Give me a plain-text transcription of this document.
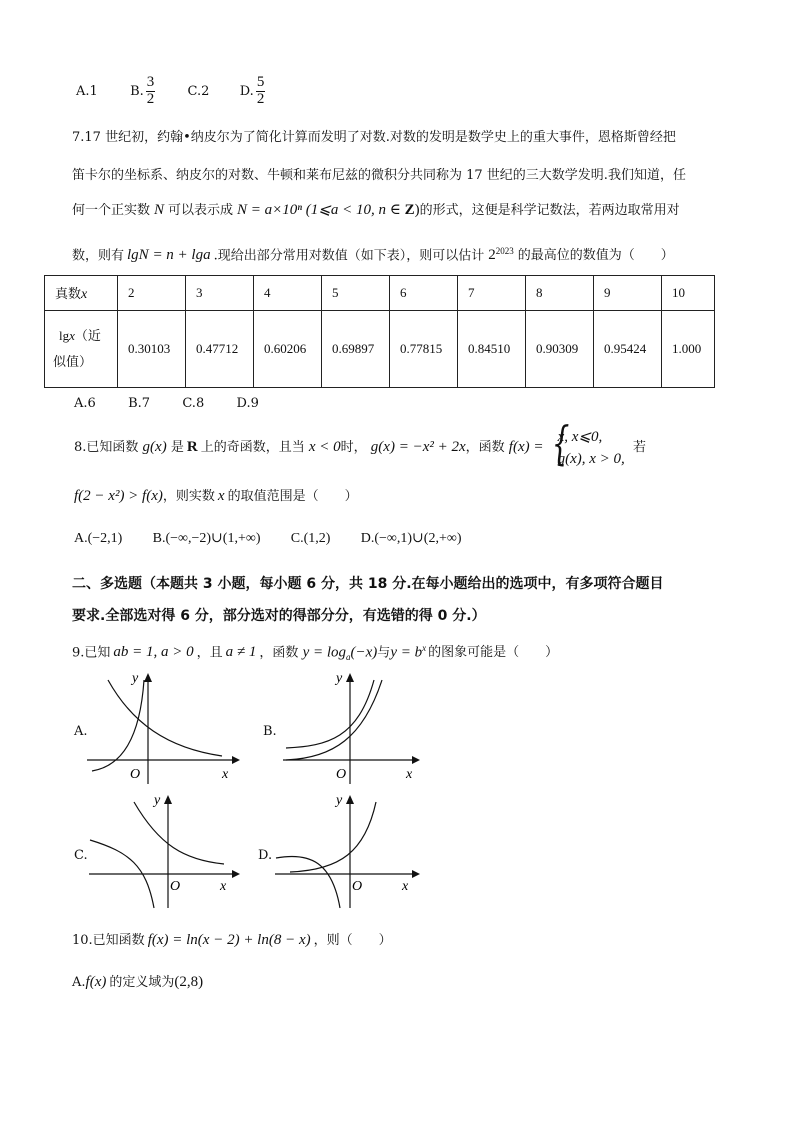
A.1 B. $\frac{3}{2} C.2$ D. $\frac{5}{2}$
7.17 世纪初，约翰•纳皮尔为了简化计算而发明了对数.对数的发明是数学史上的重大事件，恩格斯曾经把
笛卡尔的坐标系、纳皮尔的对数、牛顿和莱布尼兹的微积分共同称为 17 世纪的三大数学发明.我们知道，任
何一个正实数 N 可以表示成 N = a×10ⁿ (1⩽a < 10, n ∈ Z)的形式，这便是科学记数法，若两边取常用对
数，则有 lgN = n + lga .现给出部分常用对数值（如下表），则可以估计 $2^{2023}$ 的最高位的数值为（　　）
真数x	2	3	4	5	6	7	8	9	10

lgx（近
似值）	0.30103	0.47712	0.60206	0.69897	0.77815	0.84510	0.90309	0.95424	1.000
A.6 B.7 C.8 D.9
8.已知函数 g(x) 是 R 上的奇函数，且当 x < 0时， g(x) = −x² + 2x，函数 f(x) = {
x, x⩽0,
g(x), x > 0,
若
f(2 − x²) > f(x)，则实数 x 的取值范围是（　　）
A.(−2,1) B.(−∞,−2)∪(1,+∞) C.(1,2) D.(−∞,1)∪(2,+∞)
二、多选题（本题共 3 小题，每小题 6 分，共 18 分.在每小题给出的选项中，有多项符合题目
要求.全部选对得 6 分，部分选对的得部分分，有选错的得 0 分.）
9.已知 ab = 1, a > 0 ，且 a ≠ 1 ，函数 $y = \log_a(-x)$与$y = b^x$ 的图象可能是（　　）
A.
y
O	x
B.
y
O	x
C.
y
O	x
D.
y
O	x
10.已知函数 f(x) = ln(x − 2) + ln(8 − x) ，则（　　）
A.f(x) 的定义域为(2,8)
